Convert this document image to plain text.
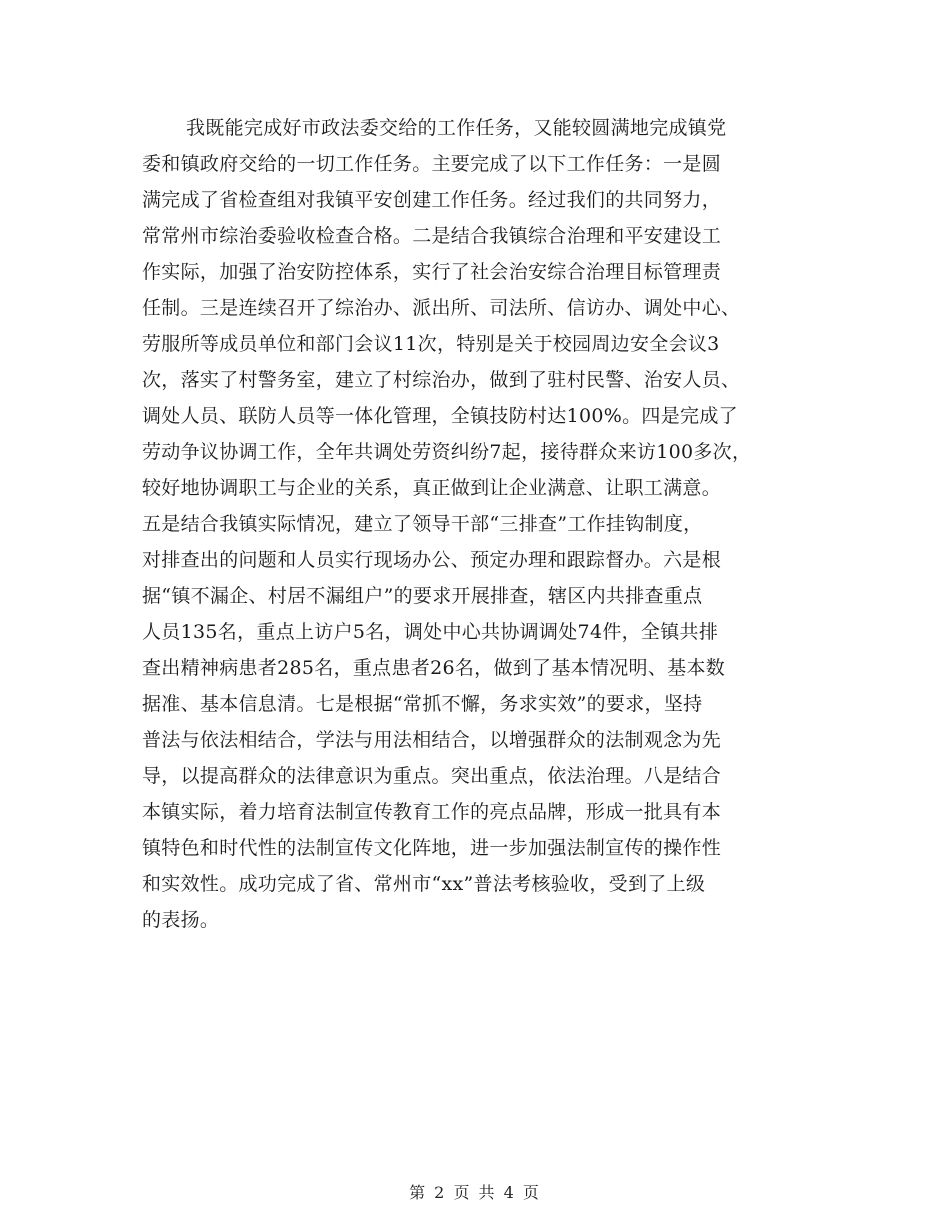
我既能完成好市政法委交给的工作任务，又能较圆满地完成镇党
委和镇政府交给的一切工作任务。主要完成了以下工作任务：一是圆
满完成了省检查组对我镇平安创建工作任务。经过我们的共同努力，
常常州市综治委验收检查合格。二是结合我镇综合治理和平安建设工
作实际，加强了治安防控体系，实行了社会治安综合治理目标管理责
任制。三是连续召开了综治办、派出所、司法所、信访办、调处中心、
劳服所等成员单位和部门会议11次，特别是关于校园周边安全会议3
次，落实了村警务室，建立了村综治办，做到了驻村民警、治安人员、
调处人员、联防人员等一体化管理，全镇技防村达100%。四是完成了
劳动争议协调工作，全年共调处劳资纠纷7起，接待群众来访100多次，
较好地协调职工与企业的关系，真正做到让企业满意、让职工满意。
五是结合我镇实际情况，建立了领导干部“三排查”工作挂钩制度，
对排查出的问题和人员实行现场办公、预定办理和跟踪督办。六是根
据“镇不漏企、村居不漏组户”的要求开展排查，辖区内共排查重点
人员135名，重点上访户5名，调处中心共协调调处74件，全镇共排
查出精神病患者285名，重点患者26名，做到了基本情况明、基本数
据准、基本信息清。七是根据“常抓不懈，务求实效”的要求，坚持
普法与依法相结合，学法与用法相结合，以增强群众的法制观念为先
导，以提高群众的法律意识为重点。突出重点，依法治理。八是结合
本镇实际，着力培育法制宣传教育工作的亮点品牌，形成一批具有本
镇特色和时代性的法制宣传文化阵地，进一步加强法制宣传的操作性
和实效性。成功完成了省、常州市“xx”普法考核验收，受到了上级
的表扬。
第 2 页 共 4 页
